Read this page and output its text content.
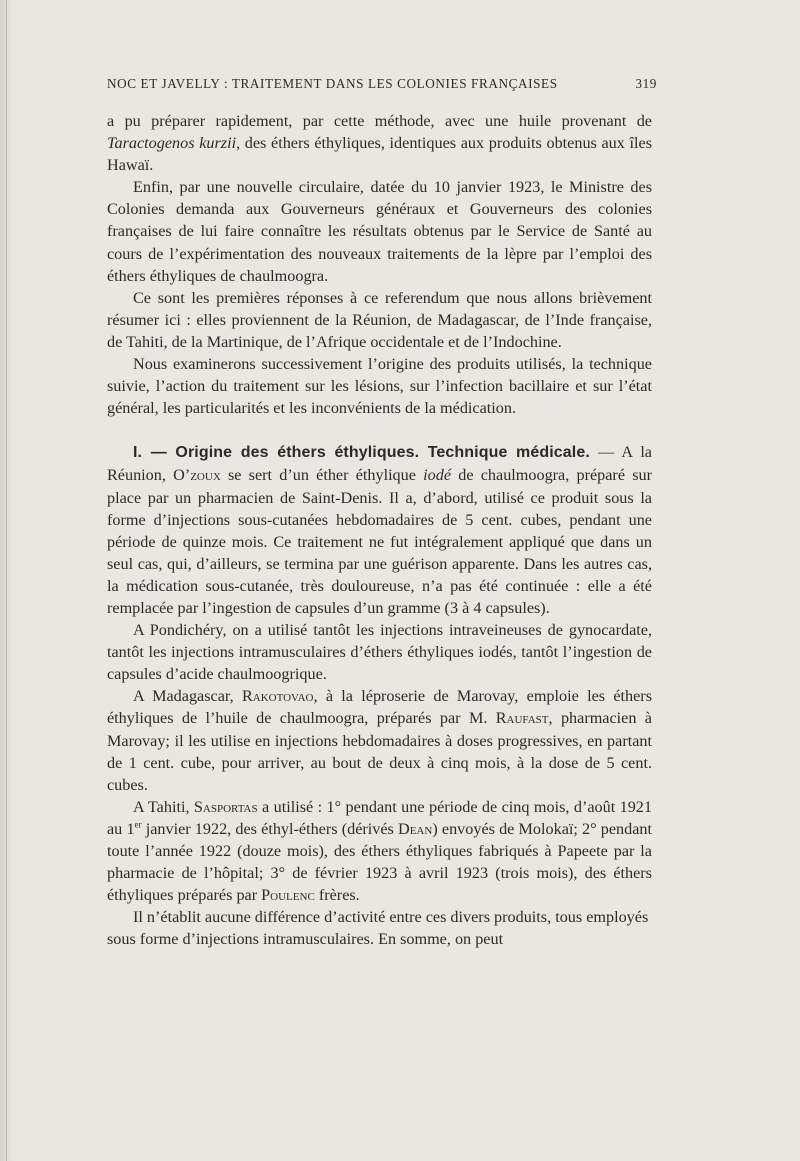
NOC ET JAVELLY : TRAITEMENT DANS LES COLONIES FRANÇAISES	319

a pu préparer rapidement, par cette méthode, avec une huile provenant de Taractogenos kurzii, des éthers éthyliques, identiques aux produits obtenus aux îles Hawaï.

Enfin, par une nouvelle circulaire, datée du 10 janvier 1923, le Ministre des Colonies demanda aux Gouverneurs généraux et Gouverneurs des colonies françaises de lui faire connaître les résultats obtenus par le Service de Santé au cours de l’expérimentation des nouveaux traitements de la lèpre par l’emploi des éthers éthyliques de chaulmoogra.

Ce sont les premières réponses à ce referendum que nous allons brièvement résumer ici : elles proviennent de la Réunion, de Madagascar, de l’Inde française, de Tahiti, de la Martinique, de l’Afrique occidentale et de l’Indochine.

Nous examinerons successivement l’origine des produits utilisés, la technique suivie, l’action du traitement sur les lésions, sur l’infection bacillaire et sur l’état général, les particularités et les inconvénients de la médication.

I. — Origine des éthers éthyliques. Technique médicale. — A la Réunion, O’zoux se sert d’un éther éthylique iodé de chaulmoogra, préparé sur place par un pharmacien de Saint-Denis. Il a, d’abord, utilisé ce produit sous la forme d’injections sous-cutanées hebdomadaires de 5 cent. cubes, pendant une période de quinze mois. Ce traitement ne fut intégralement appliqué que dans un seul cas, qui, d’ailleurs, se termina par une guérison apparente. Dans les autres cas, la médication sous-cutanée, très douloureuse, n’a pas été continuée : elle a été remplacée par l’ingestion de capsules d’un gramme (3 à 4 capsules).

A Pondichéry, on a utilisé tantôt les injections intraveineuses de gynocardate, tantôt les injections intramusculaires d’éthers éthyliques iodés, tantôt l’ingestion de capsules d’acide chaulmoogrique.

A Madagascar, Rakotovao, à la léproserie de Marovay, emploie les éthers éthyliques de l’huile de chaulmoogra, préparés par M. Raufast, pharmacien à Marovay; il les utilise en injections hebdomadaires à doses progressives, en partant de 1 cent. cube, pour arriver, au bout de deux à cinq mois, à la dose de 5 cent. cubes.

A Tahiti, Sasportas a utilisé : 1° pendant une période de cinq mois, d’août 1921 au 1er janvier 1922, des éthyl-éthers (dérivés Dean) envoyés de Molokaï; 2° pendant toute l’année 1922 (douze mois), des éthers éthyliques fabriqués à Papeete par la pharmacie de l’hôpital; 3° de février 1923 à avril 1923 (trois mois), des éthers éthyliques préparés par Poulenc frères.

Il n’établit aucune différence d’activité entre ces divers produits, tous employés sous forme d’injections intramusculaires. En somme, on peut
